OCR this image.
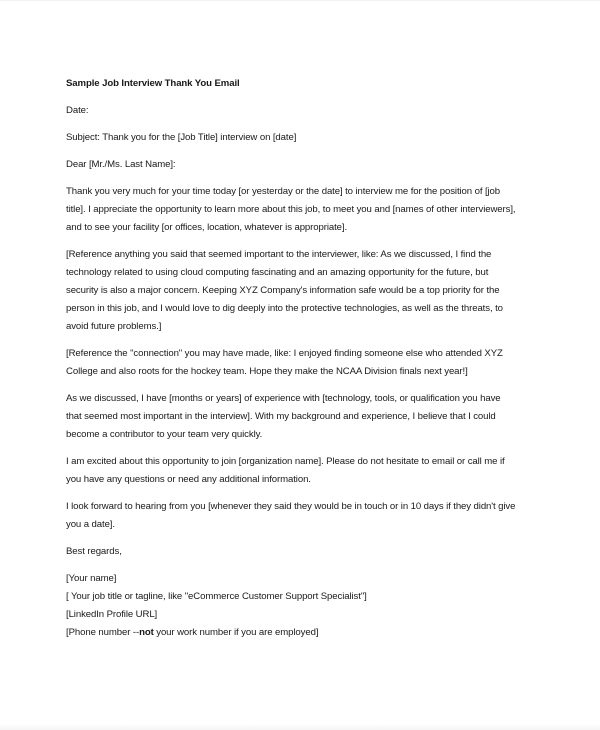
Sample Job Interview Thank You Email

Date:

Subject: Thank you for the [Job Title] interview on [date]

Dear [Mr./Ms. Last Name]:

Thank you very much for your time today [or yesterday or the date] to interview me for the position of [job
title]. I appreciate the opportunity to learn more about this job, to meet you and [names of other interviewers],
and to see your facility [or offices, location, whatever is appropriate].

[Reference anything you said that seemed important to the interviewer, like: As we discussed, I find the
technology related to using cloud computing fascinating and an amazing opportunity for the future, but
security is also a major concern. Keeping XYZ Company's information safe would be a top priority for the
person in this job, and I would love to dig deeply into the protective technologies, as well as the threats, to
avoid future problems.]

[Reference the "connection" you may have made, like: I enjoyed finding someone else who attended XYZ
College and also roots for the hockey team. Hope they make the NCAA Division finals next year!]

As we discussed, I have [months or years] of experience with [technology, tools, or qualification you have
that seemed most important in the interview]. With my background and experience, I believe that I could
become a contributor to your team very quickly.

I am excited about this opportunity to join [organization name]. Please do not hesitate to email or call me if
you have any questions or need any additional information.

I look forward to hearing from you [whenever they said they would be in touch or in 10 days if they didn't give
you a date].

Best regards,

[Your name]
[ Your job title or tagline, like "eCommerce Customer Support Specialist"]
[LinkedIn Profile URL]
[Phone number --not your work number if you are employed]
